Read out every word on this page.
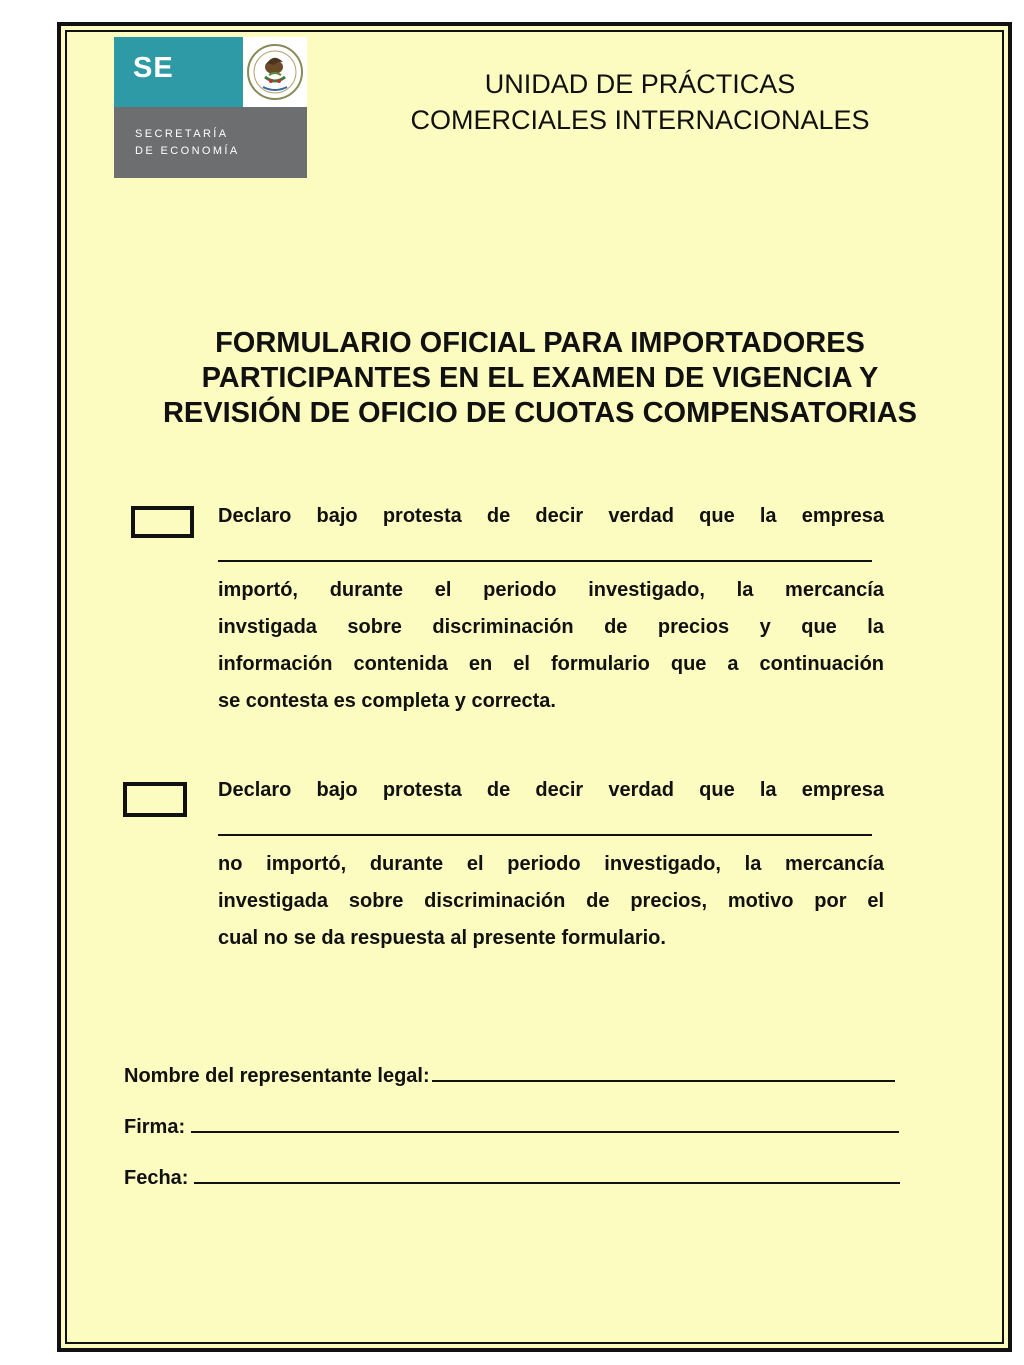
SE
SECRETARÍA
DE ECONOMÍA
UNIDAD DE PRÁCTICAS
COMERCIALES INTERNACIONALES
FORMULARIO OFICIAL PARA IMPORTADORES
PARTICIPANTES EN EL EXAMEN DE VIGENCIA Y
REVISIÓN DE OFICIO DE CUOTAS COMPENSATORIAS
Declaro bajo protesta de decir verdad que la empresa
importó, durante el periodo investigado, la mercancía
invstigada sobre discriminación de precios y que la
información contenida en el formulario que a continuación
se contesta es completa y correcta.
Declaro bajo protesta de decir verdad que la empresa
no importó, durante el periodo investigado, la mercancía
investigada sobre discriminación de precios, motivo por el
cual no se da respuesta al presente formulario.
Nombre del representante legal:
Firma:
Fecha:
